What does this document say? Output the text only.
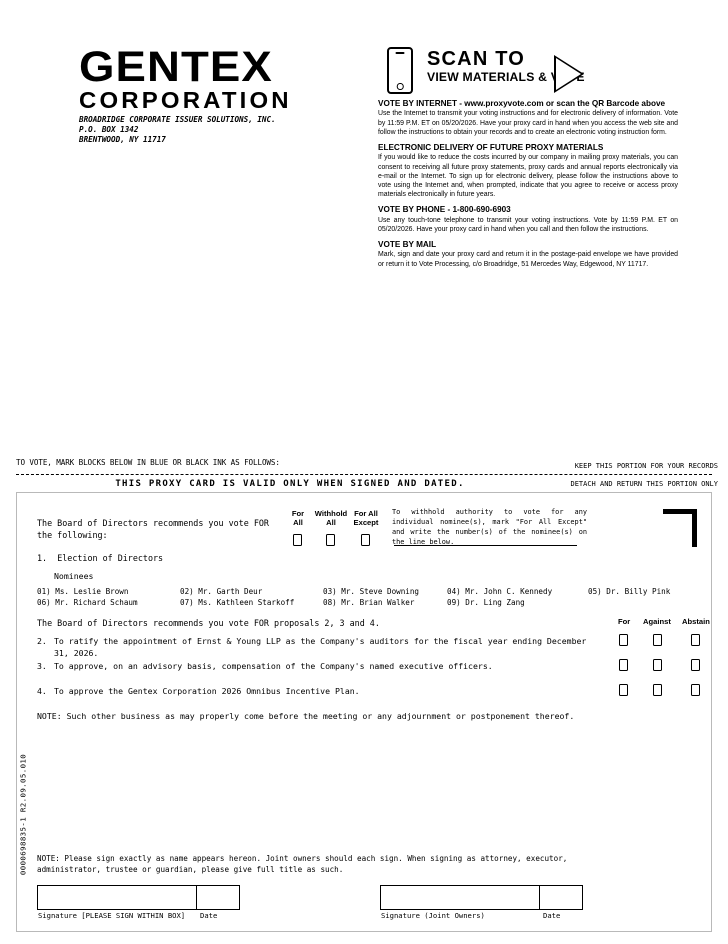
GENTEX
CORPORATION
BROADRIDGE CORPORATE ISSUER SOLUTIONS, INC.
P.O. BOX 1342
BRENTWOOD, NY 11717
SCAN TO
VIEW MATERIALS & VOTE
VOTE BY INTERNET - www.proxyvote.com or scan the QR Barcode above

Use the Internet to transmit your voting instructions and for electronic delivery of information. Vote by 11:59 P.M. ET on 05/20/2026. Have your proxy card in hand when you access the web site and follow the instructions to obtain your records and to create an electronic voting instruction form.

ELECTRONIC DELIVERY OF FUTURE PROXY MATERIALS

If you would like to reduce the costs incurred by our company in mailing proxy materials, you can consent to receiving all future proxy statements, proxy cards and annual reports electronically via e-mail or the Internet. To sign up for electronic delivery, please follow the instructions above to vote using the Internet and, when prompted, indicate that you agree to receive or access proxy materials electronically in future years.

VOTE BY PHONE - 1-800-690-6903

Use any touch-tone telephone to transmit your voting instructions. Vote by 11:59 P.M. ET on 05/20/2026. Have your proxy card in hand when you call and then follow the instructions.

VOTE BY MAIL

Mark, sign and date your proxy card and return it in the postage-paid envelope we have provided or return it to Vote Processing, c/o Broadridge, 51 Mercedes Way, Edgewood, NY 11717.

TO VOTE, MARK BLOCKS BELOW IN BLUE OR BLACK INK AS FOLLOWS:	KEEP THIS PORTION FOR YOUR RECORDS
THIS PROXY CARD IS VALID ONLY WHEN SIGNED AND DATED.	DETACH AND RETURN THIS PORTION ONLY
The Board of Directors recommends you vote FOR the following:
For
All
Withhold
All
For All
Except
To withhold authority to vote for any individual nominee(s), mark "For All Except" and write the number(s) of the nominee(s) on the line below.
1. Election of Directors
Nominees
01) Ms. Leslie Brown	02) Mr. Garth Deur	03) Mr. Steve Downing	04) Mr. John C. Kennedy	05) Dr. Billy Pink
06) Mr. Richard Schaum	07) Ms. Kathleen Starkoff	08) Mr. Brian Walker	09) Dr. Ling Zang
The Board of Directors recommends you vote FOR proposals 2, 3 and 4.	For Against Abstain
2. To ratify the appointment of Ernst & Young LLP as the Company's auditors for the fiscal year ending December 31, 2026.
3. To approve, on an advisory basis, compensation of the Company's named executive officers.
4. To approve the Gentex Corporation 2026 Omnibus Incentive Plan.
NOTE: Such other business as may properly come before the meeting or any adjournment or postponement thereof.
NOTE: Please sign exactly as name appears hereon. Joint owners should each sign. When signing as attorney, executor, administrator, trustee or guardian, please give full title as such.
Signature [PLEASE SIGN WITHIN BOX] Date	Signature (Joint Owners)	Date
0000698835-1 R2.09.05.010
